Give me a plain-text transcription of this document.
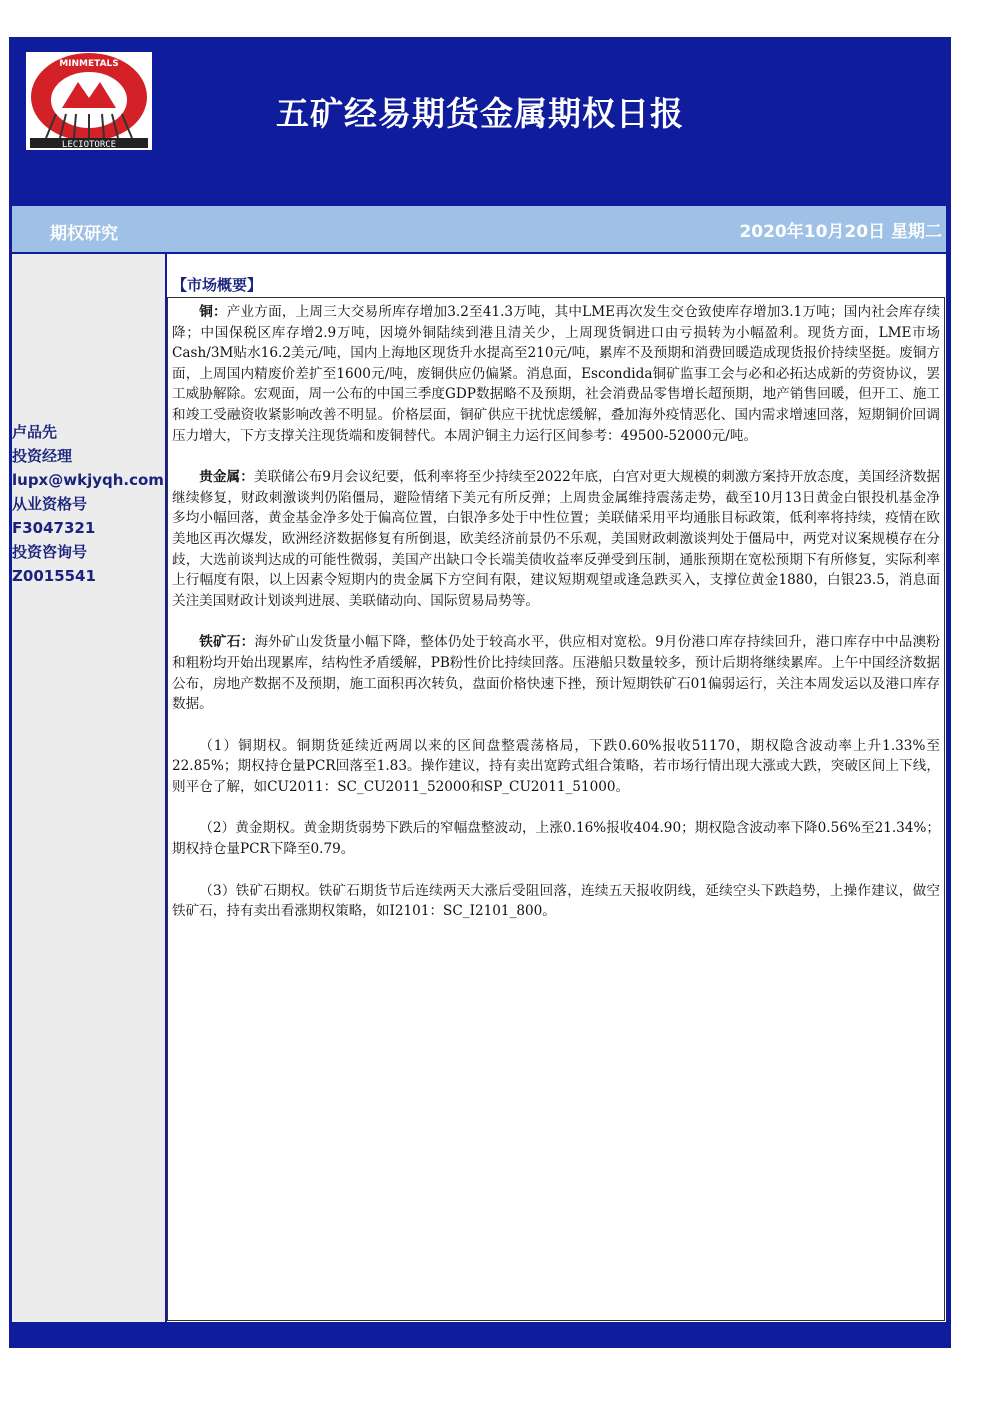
LECIOTORCE
MINMETALS
五矿经易期货金属期权日报
期权研究	2020年10月20日 星期二
卢品先
投资经理
lupx@wkjyqh.com
从业资格号
F3047321
投资咨询号
Z0015541
【市场概要】

铜：产业方面，上周三大交易所库存增加3.2至41.3万吨，其中LME再次发生交仓致使库存增加3.1万吨；国内社会库存续降；中国保税区库存增2.9万吨，因境外铜陆续到港且清关少，上周现货铜进口由亏损转为小幅盈利。现货方面，LME市场Cash/3M贴水16.2美元/吨，国内上海地区现货升水提高至210元/吨，累库不及预期和消费回暖造成现货报价持续坚挺。废铜方面，上周国内精废价差扩至1600元/吨，废铜供应仍偏紧。消息面，Escondida铜矿监事工会与必和必拓达成新的劳资协议，罢工威胁解除。宏观面，周一公布的中国三季度GDP数据略不及预期，社会消费品零售增长超预期，地产销售回暖，但开工、施工和竣工受融资收紧影响改善不明显。价格层面，铜矿供应干扰忧虑缓解，叠加海外疫情恶化、国内需求增速回落，短期铜价回调压力增大，下方支撑关注现货端和废铜替代。本周沪铜主力运行区间参考：49500-52000元/吨。

贵金属：美联储公布9月会议纪要，低利率将至少持续至2022年底，白宫对更大规模的刺激方案持开放态度，美国经济数据继续修复，财政刺激谈判仍陷僵局，避险情绪下美元有所反弹；上周贵金属维持震荡走势，截至10月13日黄金白银投机基金净多均小幅回落，黄金基金净多处于偏高位置，白银净多处于中性位置；美联储采用平均通胀目标政策，低利率将持续，疫情在欧美地区再次爆发，欧洲经济数据修复有所倒退，欧美经济前景仍不乐观，美国财政刺激谈判处于僵局中，两党对议案规模存在分歧，大选前谈判达成的可能性微弱，美国产出缺口令长端美债收益率反弹受到压制，通胀预期在宽松预期下有所修复，实际利率上行幅度有限，以上因素令短期内的贵金属下方空间有限，建议短期观望或逢急跌买入，支撑位黄金1880，白银23.5，消息面关注美国财政计划谈判进展、美联储动向、国际贸易局势等。

铁矿石：海外矿山发货量小幅下降，整体仍处于较高水平，供应相对宽松。9月份港口库存持续回升，港口库存中中品澳粉和粗粉均开始出现累库，结构性矛盾缓解，PB粉性价比持续回落。压港船只数量较多，预计后期将继续累库。上午中国经济数据公布，房地产数据不及预期，施工面积再次转负，盘面价格快速下挫，预计短期铁矿石01偏弱运行，关注本周发运以及港口库存数据。

（1）铜期权。铜期货延续近两周以来的区间盘整震荡格局，下跌0.60%报收51170，期权隐含波动率上升1.33%至22.85%；期权持仓量PCR回落至1.83。操作建议，持有卖出宽跨式组合策略，若市场行情出现大涨或大跌，突破区间上下线，则平仓了解，如CU2011：SC_CU2011_52000和SP_CU2011_51000。

（2）黄金期权。黄金期货弱势下跌后的窄幅盘整波动，上涨0.16%报收404.90；期权隐含波动率下降0.56%至21.34%；期权持仓量PCR下降至0.79。

（3）铁矿石期权。铁矿石期货节后连续两天大涨后受阻回落，连续五天报收阴线，延续空头下跌趋势，上操作建议，做空铁矿石，持有卖出看涨期权策略，如I2101：SC_I2101_800。
